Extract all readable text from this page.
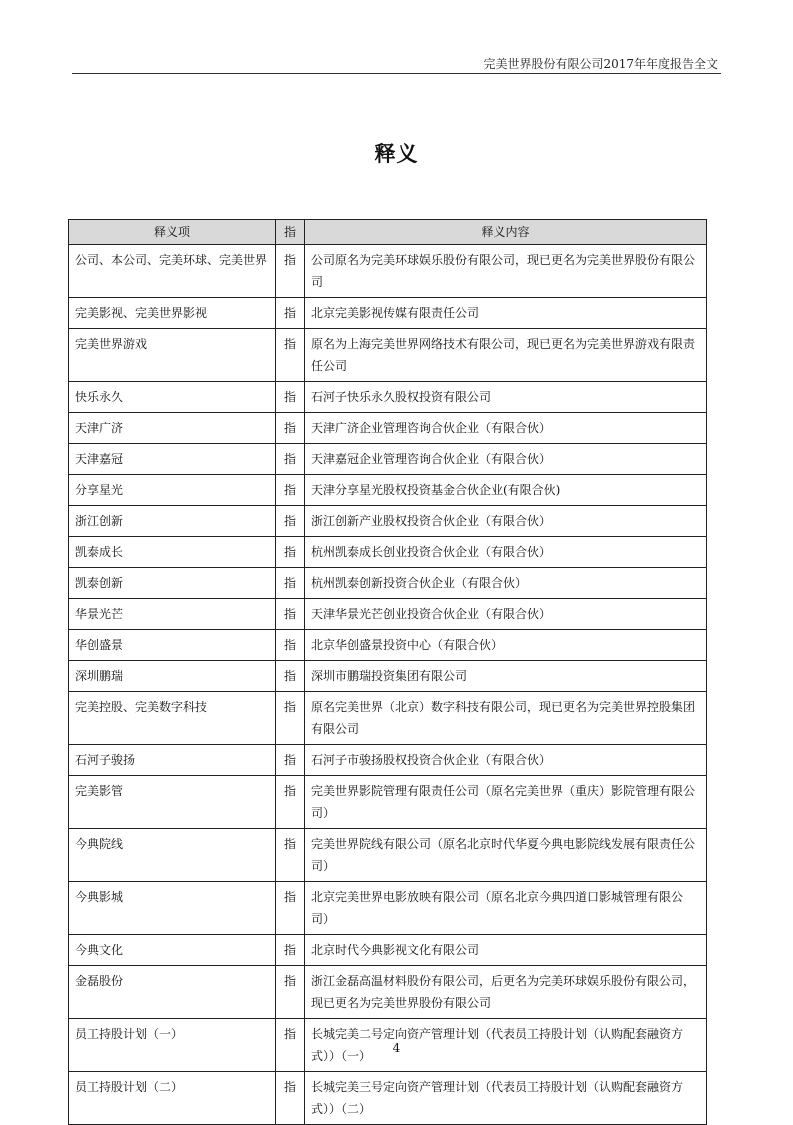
完美世界股份有限公司2017年年度报告全文
释义
释义项	指	释义内容
公司、本公司、完美环球、完美世界	指	公司原名为完美环球娱乐股份有限公司，现已更名为完美世界股份有限公司
完美影视、完美世界影视	指	北京完美影视传媒有限责任公司
完美世界游戏	指	原名为上海完美世界网络技术有限公司，现已更名为完美世界游戏有限责任公司
快乐永久	指	石河子快乐永久股权投资有限公司
天津广济	指	天津广济企业管理咨询合伙企业（有限合伙）
天津嘉冠	指	天津嘉冠企业管理咨询合伙企业（有限合伙）
分享星光	指	天津分享星光股权投资基金合伙企业(有限合伙)
浙江创新	指	浙江创新产业股权投资合伙企业（有限合伙）
凯泰成长	指	杭州凯泰成长创业投资合伙企业（有限合伙）
凯泰创新	指	杭州凯泰创新投资合伙企业（有限合伙）
华景光芒	指	天津华景光芒创业投资合伙企业（有限合伙）
华创盛景	指	北京华创盛景投资中心（有限合伙）
深圳鹏瑞	指	深圳市鹏瑞投资集团有限公司
完美控股、完美数字科技	指	原名完美世界（北京）数字科技有限公司，现已更名为完美世界控股集团有限公司
石河子骏扬	指	石河子市骏扬股权投资合伙企业（有限合伙）
完美影管	指	完美世界影院管理有限责任公司（原名完美世界（重庆）影院管理有限公司）
今典院线	指	完美世界院线有限公司（原名北京时代华夏今典电影院线发展有限责任公司）
今典影城	指	北京完美世界电影放映有限公司（原名北京今典四道口影城管理有限公司）
今典文化	指	北京时代今典影视文化有限公司
金磊股份	指	浙江金磊高温材料股份有限公司，后更名为完美环球娱乐股份有限公司，现已更名为完美世界股份有限公司
员工持股计划（一）	指	长城完美二号定向资产管理计划（代表员工持股计划（认购配套融资方式））（一）
员工持股计划（二）	指	长城完美三号定向资产管理计划（代表员工持股计划（认购配套融资方式））（二）
4
